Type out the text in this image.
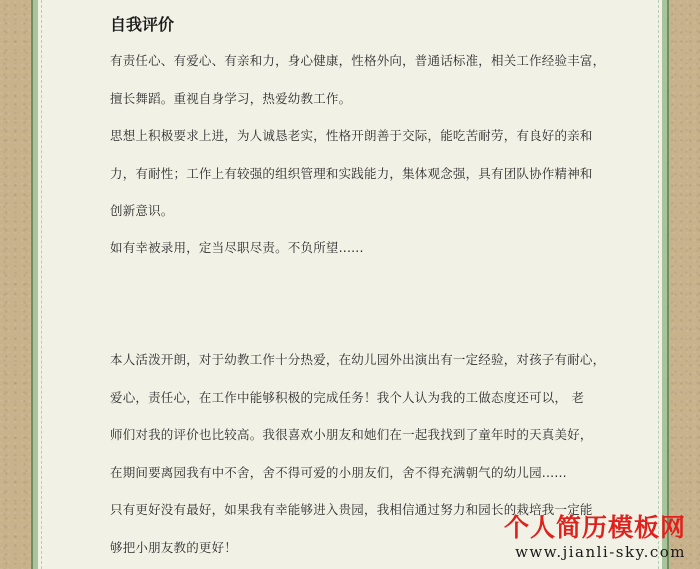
自我评价

有责任心、有爱心、有亲和力，身心健康，性格外向，普通话标准，相关工作经验丰富，

擅长舞蹈。重视自身学习，热爱幼教工作。

思想上积极要求上进，为人诚恳老实，性格开朗善于交际，能吃苦耐劳，有良好的亲和

力，有耐性；工作上有较强的组织管理和实践能力，集体观念强，具有团队协作精神和

创新意识。

如有幸被录用，定当尽职尽责。不负所望......

本人活泼开朗，对于幼教工作十分热爱，在幼儿园外出演出有一定经验，对孩子有耐心，

爱心，责任心，在工作中能够积极的完成任务！我个人认为我的工做态度还可以， 老

师们对我的评价也比较高。我很喜欢小朋友和她们在一起我找到了童年时的天真美好，

在期间要离园我有中不舍，舍不得可爱的小朋友们，舍不得充满朝气的幼儿园......

只有更好没有最好，如果我有幸能够进入贵园，我相信通过努力和园长的栽培我一定能

够把小朋友教的更好！

个人简历模板网
www.jianli-sky.com
